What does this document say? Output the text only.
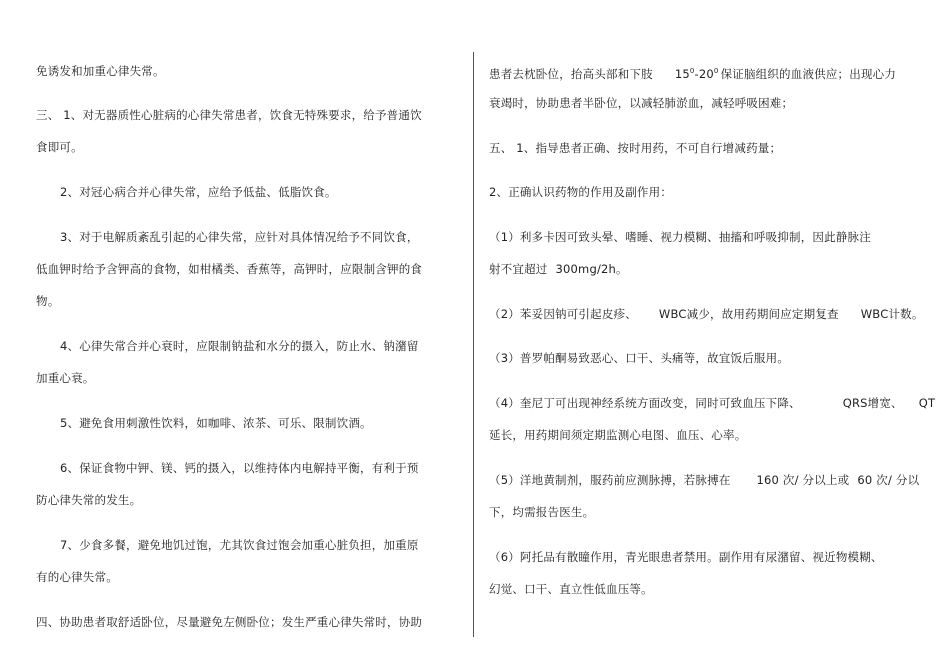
免诱发和加重心律失常。
三、 1、对无器质性心脏病的心律失常患者，饮食无特殊要求，给予普通饮
食即可。
2、对冠心病合并心律失常，应给予低盐、低脂饮食。
3、对于电解质紊乱引起的心律失常，应针对具体情况给予不同饮食，
低血钾时给予含钾高的食物，如柑橘类、香蕉等，高钾时，应限制含钾的食
物。
4、心律失常合并心衰时，应限制钠盐和水分的摄入，防止水、钠潴留
加重心衰。
5、避免食用刺激性饮料，如咖啡、浓茶、可乐、限制饮酒。
6、保证食物中钾、镁、钙的摄入，以维持体内电解持平衡，有利于预
防心律失常的发生。
7、少食多餐，避免地饥过饱，尤其饮食过饱会加重心脏负担，加重原
有的心律失常。
四、协助患者取舒适卧位，尽量避免左侧卧位；发生严重心律失常时，协助
患者去枕卧位，抬高头部和下肢 $15^0-20^0$ 保证脑组织的血液供应；出现心力
衰竭时，协助患者半卧位，以减轻肺淤血，减轻呼吸困难；
五、 1、指导患者正确、按时用药，不可自行增减药量；
2、正确认识药物的作用及副作用：
（1）利多卡因可致头晕、嗜睡、视力模糊、抽搐和呼吸抑制，因此静脉注
射不宜超过 300mg/2h。
（2）苯妥因钠可引起皮疹、 WBC减少，故用药期间应定期复查 WBC计数。
（3）普罗帕酮易致恶心、口干、头痛等，故宜饭后服用。
（4）奎尼丁可出现神经系统方面改变，同时可致血压下降、	QRS增宽、 QT
延长，用药期间须定期监测心电图、血压、心率。
（5）洋地黄制剂，服药前应测脉搏，若脉搏在 160 次/ 分以上或 60 次/ 分以
下，均需报告医生。
（6）阿托品有散瞳作用，青光眼患者禁用。副作用有尿潴留、视近物模糊、
幻觉、口干、直立性低血压等。
